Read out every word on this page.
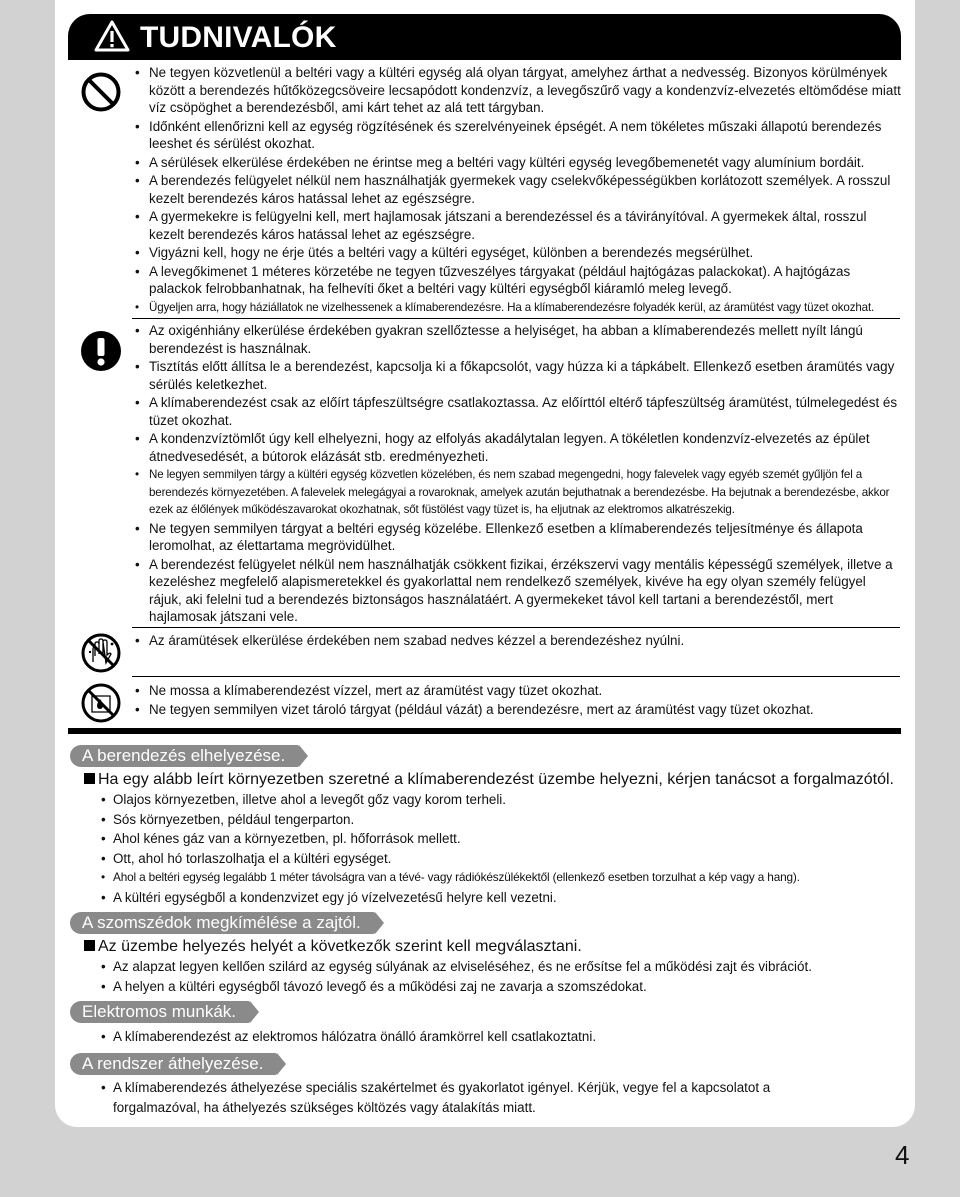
TUDNIVALÓK
• Ne tegyen közvetlenül a beltéri vagy a kültéri egység alá olyan tárgyat, amelyhez árthat a nedvesség. Bizonyos körülmények között a berendezés hűtőközegcsöveire lecsapódott kondenzvíz, a levegőszűrő vagy a kondenzvíz-elvezetés eltömődése miatt víz csöpöghet a berendezésből, ami kárt tehet az alá tett tárgyban.
• Időnként ellenőrizni kell az egység rögzítésének és szerelvényeinek épségét. A nem tökéletes műszaki állapotú berendezés leeshet és sérülést okozhat.
• A sérülések elkerülése érdekében ne érintse meg a beltéri vagy kültéri egység levegőbemenetét vagy alumínium bordáit.
• A berendezés felügyelet nélkül nem használhatják gyermekek vagy cselekvőképességükben korlátozott személyek. A rosszul kezelt berendezés káros hatással lehet az egészségre.
• A gyermekekre is felügyelni kell, mert hajlamosak játszani a berendezéssel és a távirányítóval. A gyermekek által, rosszul kezelt berendezés káros hatással lehet az egészségre.
• Vigyázni kell, hogy ne érje ütés a beltéri vagy a kültéri egységet, különben a berendezés megsérülhet.
• A levegőkimenet 1 méteres körzetébe ne tegyen tűzveszélyes tárgyakat (például hajtógázas palackokat). A hajtógázas palackok felrobbanhatnak, ha felhevíti őket a beltéri vagy kültéri egységből kiáramló meleg levegő.
• Ügyeljen arra, hogy háziállatok ne vizelhessenek a klímaberendezésre. Ha a klímaberendezésre folyadék kerül, az áramütést vagy tüzet okozhat.
• Az oxigénhiány elkerülése érdekében gyakran szellőztesse a helyiséget, ha abban a klímaberendezés mellett nyílt lángú berendezést is használnak.
• Tisztítás előtt állítsa le a berendezést, kapcsolja ki a főkapcsolót, vagy húzza ki a tápkábelt. Ellenkező esetben áramütés vagy sérülés keletkezhet.
• A klímaberendezést csak az előírt tápfeszültségre csatlakoztassa. Az előírttól eltérő tápfeszültség áramütést, túlmelegedést és tüzet okozhat.
• A kondenzvíztömlőt úgy kell elhelyezni, hogy az elfolyás akadálytalan legyen. A tökéletlen kondenzvíz-elvezetés az épület átnedvesedését, a bútorok elázását stb. eredményezheti.
• Ne legyen semmilyen tárgy a kültéri egység közvetlen közelében, és nem szabad megengedni, hogy falevelek vagy egyéb szemét gyűljön fel a berendezés környezetében. A falevelek melegágyai a rovaroknak, amelyek azután bejuthatnak a berendezésbe. Ha bejutnak a berendezésbe, akkor ezek az élőlények működészavarokat okozhatnak, sőt füstölést vagy tüzet is, ha eljutnak az elektromos alkatrészekig.
• Ne tegyen semmilyen tárgyat a beltéri egység közelébe. Ellenkező esetben a klímaberendezés teljesítménye és állapota leromolhat, az élettartama megrövidülhet.
• A berendezést felügyelet nélkül nem használhatják csökkent fizikai, érzékszervi vagy mentális képességű személyek, illetve a kezeléshez megfelelő alapismeretekkel és gyakorlattal nem rendelkező személyek, kivéve ha egy olyan személy felügyel rájuk, aki felelni tud a berendezés biztonságos használatáért. A gyermekeket távol kell tartani a berendezéstől, mert hajlamosak játszani vele.
• Az áramütések elkerülése érdekében nem szabad nedves kézzel a berendezéshez nyúlni.
• Ne mossa a klímaberendezést vízzel, mert az áramütést vagy tüzet okozhat.
• Ne tegyen semmilyen vizet tároló tárgyat (például vázát) a berendezésre, mert az áramütést vagy tüzet okozhat.
A berendezés elhelyezése.
Ha egy alább leírt környezetben szeretné a klímaberendezést üzembe helyezni, kérjen tanácsot a forgalmazótól.
• Olajos környezetben, illetve ahol a levegőt gőz vagy korom terheli.
• Sós környezetben, például tengerparton.
• Ahol kénes gáz van a környezetben, pl. hőforrások mellett.
• Ott, ahol hó torlaszolhatja el a kültéri egységet.
• Ahol a beltéri egység legalább 1 méter távolságra van a tévé- vagy rádiókészülékektől (ellenkező esetben torzulhat a kép vagy a hang).
• A kültéri egységből a kondenzvizet egy jó vízelvezetésű helyre kell vezetni.
A szomszédok megkímélése a zajtól.
Az üzembe helyezés helyét a következők szerint kell megválasztani.
• Az alapzat legyen kellően szilárd az egység súlyának az elviseléséhez, és ne erősítse fel a működési zajt és vibrációt.
• A helyen a kültéri egységből távozó levegő és a működési zaj ne zavarja a szomszédokat.
Elektromos munkák.
• A klímaberendezést az elektromos hálózatra önálló áramkörrel kell csatlakoztatni.
A rendszer áthelyezése.
• A klímaberendezés áthelyezése speciális szakértelmet és gyakorlatot igényel. Kérjük, vegye fel a kapcsolatot a forgalmazóval, ha áthelyezés szükséges költözés vagy átalakítás miatt.
4
